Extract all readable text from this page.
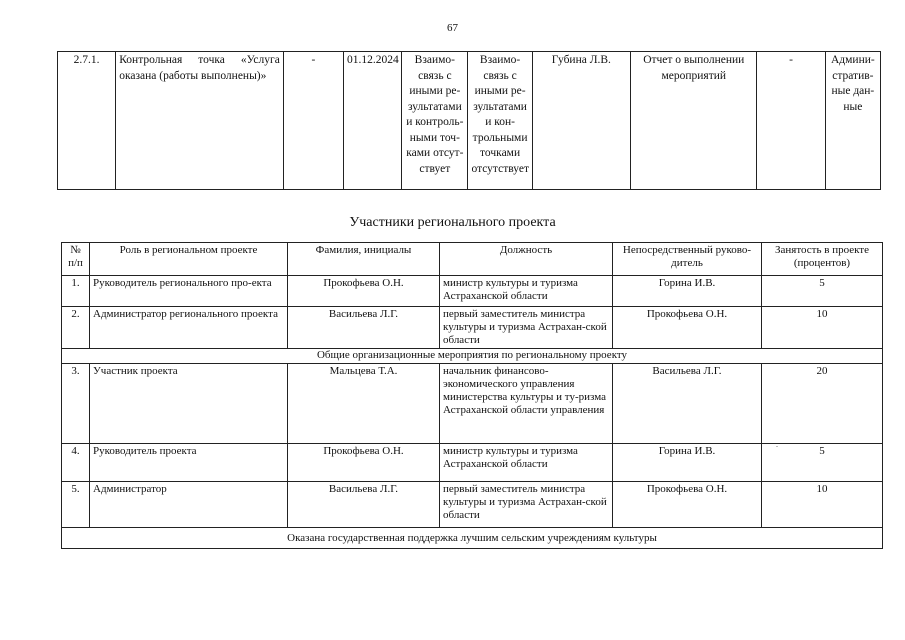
67
2.7.1.	Контрольная точка «Услуга оказана (работы выполнены)»	-	01.12.2024	Взаимо-связь с иными ре-зультатами и контроль-ными точ-ками отсут-ствует	Взаимо-связь с иными ре-зультатами и кон-трольными точками отсутствует	Губина Л.В.	Отчет о выполнении мероприятий	-	Админи-стратив-ные дан-ные
Участники регионального проекта
№ п/п	Роль в региональном проекте	Фамилия, инициалы	Должность	Непосредственный руково-дитель	Занятость в проекте (процентов)
1.	Руководитель регионального про-екта	Прокофьева О.Н.	министр культуры и туризма Астраханской области	Горина И.В.	5
2.	Администратор регионального проекта	Васильева Л.Г.	первый заместитель министра культуры и туризма Астрахан-ской области	Прокофьева О.Н.	10
Общие организационные мероприятия по региональному проекту					
3.	Участник проекта	Мальцева Т.А.	начальник финансово-экономического управления министерства культуры и ту-ризма Астраханской области управления	Васильева Л.Г.	20
4.	Руководитель проекта	Прокофьева О.Н.	министр культуры и туризма Астраханской области	Горина И.В.	5
5.	Администратор	Васильева Л.Г.	первый заместитель министра культуры и туризма Астрахан-ской области	Прокофьева О.Н.	10
Оказана государственная поддержка лучшим сельским учреждениям культуры					
.
